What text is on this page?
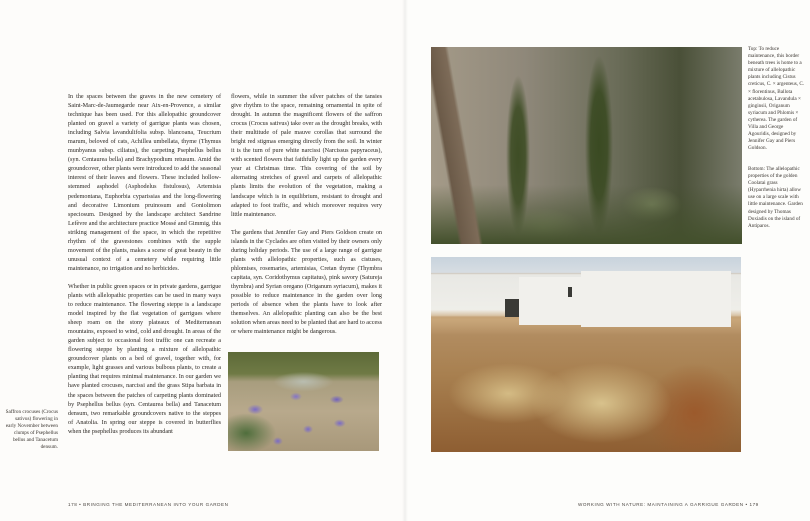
In the spaces between the graves in the new cemetery of Saint-Marc-de-Jaumegarde near Aix-en-Provence, a similar technique has been used. For this allelopathic groundcover planted on gravel a variety of garrigue plants was chosen, including Salvia lavandulifolia subsp. blancoana, Teucrium marum, beloved of cats, Achillea umbellata, thyme (Thymus munbyanus subsp. ciliatus), the carpeting Psephellus bellus (syn. Centaurea bella) and Brachypodium retusum. Amid the groundcover, other plants were introduced to add the seasonal interest of their leaves and flowers. These included hollow-stemmed asphodel (Asphodelus fistulosus), Artemisia pedemontana, Euphorbia cyparissias and the long-flowering and decorative Limonium pruinosum and Goniolimon speciosum. Designed by the landscape architect Sandrine Lefèvre and the architecture practice Mossé and Gimmig, this striking management of the space, in which the repetitive rhythm of the gravestones combines with the supple movement of the plants, makes a scene of great beauty in the unusual context of a cemetery while requiring little maintenance, no irrigation and no herbicides.

Whether in public green spaces or in private gardens, garrigue plants with allelopathic properties can be used in many ways to reduce maintenance. The flowering steppe is a landscape model inspired by the flat vegetation of garrigues where sheep roam on the stony plateaux of Mediterranean mountains, exposed to wind, cold and drought. In areas of the garden subject to occasional foot traffic one can recreate a flowering steppe by planting a mixture of allelopathic groundcover plants on a bed of gravel, together with, for example, light grasses and various bulbous plants, to create a planting that requires minimal maintenance. In our garden we have planted crocuses, narcissi and the grass Stipa barbata in the spaces between the patches of carpeting plants dominated by Psephellus bellus (syn. Centaurea bella) and Tanacetum densum, two remarkable groundcovers native to the steppes of Anatolia. In spring our steppe is covered in butterflies when the psephellus produces its abundant

flowers, while in summer the silver patches of the tansies give rhythm to the space, remaining ornamental in spite of drought. In autumn the magnificent flowers of the saffron crocus (Crocus sativus) take over as the drought breaks, with their multitude of pale mauve corollas that surround the bright red stigmas emerging directly from the soil. In winter it is the turn of pure white narcissi (Narcissus papyraceus), with scented flowers that faithfully light up the garden every year at Christmas time. This covering of the soil by alternating stretches of gravel and carpets of allelopathic plants limits the evolution of the vegetation, making a landscape which is in equilibrium, resistant to drought and adapted to foot traffic, and which moreover requires very little maintenance.

The gardens that Jennifer Gay and Piers Goldson create on islands in the Cyclades are often visited by their owners only during holiday periods. The use of a large range of garrigue plants with allelopathic properties, such as cistuses, phlomises, rosemaries, artemisias, Cretan thyme (Thymbra capitata, syn. Coridothymus capitatus), pink savory (Satureja thymbra) and Syrian oregano (Origanum syriacum), makes it possible to reduce maintenance in the garden over long periods of absence when the plants have to look after themselves. An allelopathic planting can also be the best solution when areas need to be planted that are hard to access or where maintenance might be dangerous.

Saffron crocuses (Crocus sativus) flowering in early November between clumps of Psephellus bellus and Tanacetum densum.
178 • BRINGING THE MEDITERRANEAN INTO YOUR GARDEN
Top: To reduce maintenance, this border beneath trees is home to a mixture of allelopathic plants including Cistus creticus, C. × argenteus, C. × florentinus, Ballota acetabulosa, Lavandula × ginginsii, Origanum syriacum and Phlomis × cytherea. The garden of Villa and George Agouridis, designed by Jennifer Gay and Piers Goldson.
Bottom: The allelopathic properties of the golden Coolatai grass (Hyparrhenia hirta) allow use on a large scale with little maintenance. Garden designed by Thomas Doxiadis on the island of Antiparos.
WORKING WITH NATURE: MAINTAINING A GARRIGUE GARDEN • 179
